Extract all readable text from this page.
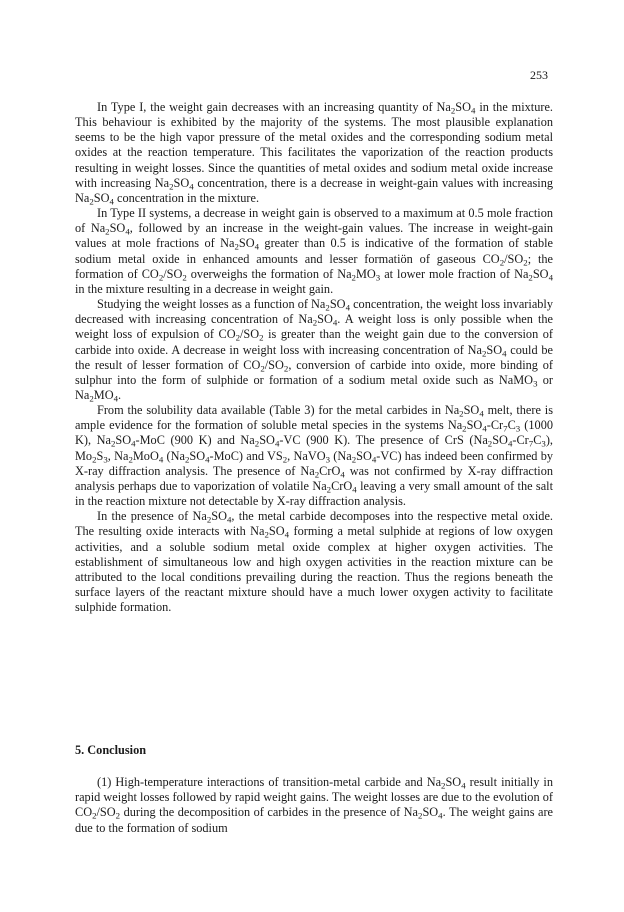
253

In Type I, the weight gain decreases with an increasing quantity of $Na_2SO_4$ in the mixture. This behaviour is exhibited by the majority of the systems. The most plausible explanation seems to be the high vapor pressure of the metal oxides and the corresponding sodium metal oxides at the reaction temperature. This facilitates the vaporization of the reaction products resulting in weight losses. Since the quantities of metal oxides and sodium metal oxide increase with increasing $Na_2SO_4$ concentration, there is a decrease in weight-gain values with increasing $Na_2SO_4$ concentration in the mixture.

In Type II systems, a decrease in weight gain is observed to a maximum at 0.5 mole fraction of $Na_2SO_4$, followed by an increase in the weight-gain values. The increase in weight-gain values at mole fractions of $Na_2SO_4$ greater than 0.5 is indicative of the formation of stable sodium metal oxide in enhanced amounts and lesser formatiön of gaseous $CO_2/SO_2$; the formation of $CO_2/SO_2$ overweighs the formation of $Na_2MO_3$ at lower mole fraction of $Na_2SO_4$ in the mixture resulting in a decrease in weight gain.

Studying the weight losses as a function of $Na_2SO_4$ concentration, the weight loss invariably decreased with increasing concentration of $Na_2SO_4$. A weight loss is only possible when the weight loss of expulsion of $CO_2/SO_2$ is greater than the weight gain due to the conversion of carbide into oxide. A decrease in weight loss with increasing concentration of $Na_2SO_4$ could be the result of lesser formation of $CO_2/SO_2$, conversion of carbide into oxide, more binding of sulphur into the form of sulphide or formation of a sodium metal oxide such as NaMO$_3$ or $Na_2MO_4$.

From the solubility data available (Table 3) for the metal carbides in $Na_2SO_4$ melt, there is ample evidence for the formation of soluble metal species in the systems $Na_2SO_4-Cr_7C_3$ (1000 K), $Na_2SO_4$-MoC (900 K) and $Na_2SO_4-VC$ (900 K). The presence of CrS $(Na_2SO_4-Cr_7C_3)$, $Mo_2S_3$, $Na_2MoO_4$ $(Na_2SO_4-MoC)$ and $VS_2$, NaVO$_3$ $(Na_2SO_4-VC)$ has indeed been confirmed by X-ray diffraction analysis. The presence of $Na_2CrO_4$ was not confirmed by X-ray diffraction analysis perhaps due to vaporization of volatile $Na_2CrO_4$ leaving a very small amount of the salt in the reaction mixture not detectable by X-ray diffraction analysis.

In the presence of $Na_2SO_4$, the metal carbide decomposes into the respective metal oxide. The resulting oxide interacts with $Na_2SO_4$ forming a metal sulphide at regions of low oxygen activities, and a soluble sodium metal oxide complex at higher oxygen activities. The establishment of simultaneous low and high oxygen activities in the reaction mixture can be attributed to the local conditions prevailing during the reaction. Thus the regions beneath the surface layers of the reactant mixture should have a much lower oxygen activity to facilitate sulphide formation.

5. Conclusion

(1) High-temperature interactions of transition-metal carbide and $Na_2SO_4$ result initially in rapid weight losses followed by rapid weight gains. The weight losses are due to the evolution of $CO_2/SO_2$ during the decomposition of carbides in the presence of $Na_2SO_4$. The weight gains are due to the formation of sodium
